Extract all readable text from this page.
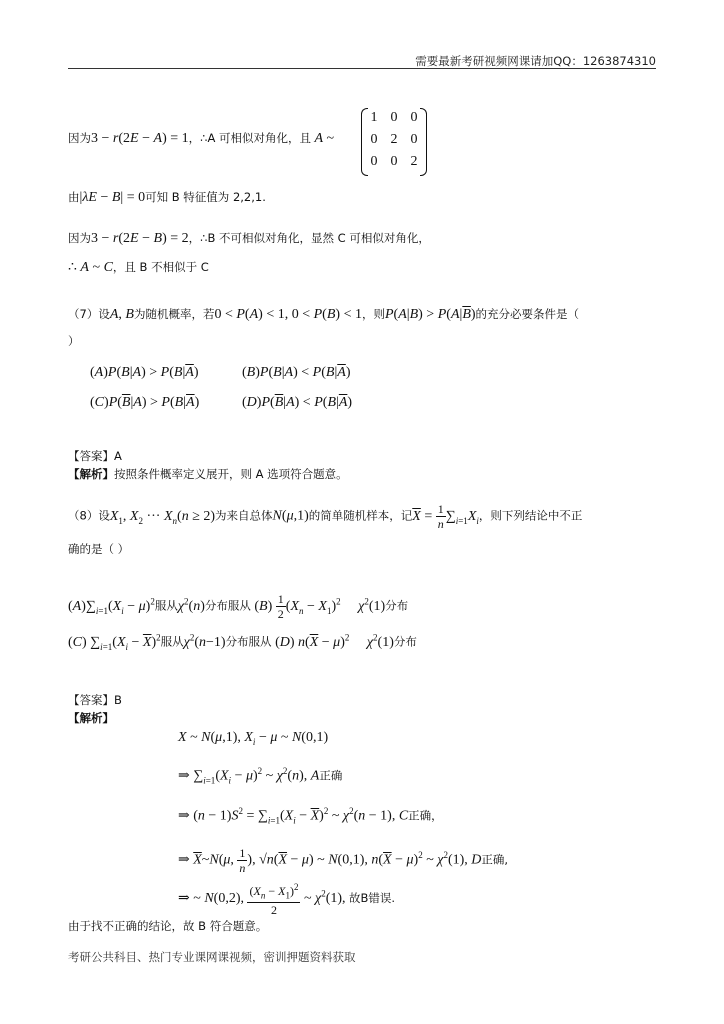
需要最新考研视频网课请加QQ：1263874310
因为3 − r(2E − A) = 1，∴A 可相似对角化，且 A ~
1 0 0
0 2 0
0 0 2
由|λE − B| = 0可知 B 特征值为 2,2,1.
因为3 − r(2E − B) = 2，∴B 不可相似对角化，显然 C 可相似对角化，
∴ A ~ C，且 B 不相似于 C
（7）设A, B为随机概率，若0 < P(A) < 1, 0 < P(B) < 1，则$P(A|B) > P(A|\overline{B})$的充分必要条件是（
）
$(A)P(B|A) > P(B|\overline{A})$	$(B)P(B|A) < P(B|\overline{A})$
$(C)P(\overline{B}|A) > P(B|\overline{A})$	$(D)P(\overline{B}|A) < P(B|\overline{A})$
【答案】A
【解析】按照条件概率定义展开，则 A 选项符合题意。
（8）设$X_1$, $X_2$ ··· $X_n(n \ge 2)$为来自总体N(μ,1)的简单随机样本，记$\overline{X} = \frac{1}{n} \sum_{i=1}X_i$，则下列结论中不正
确的是（ ）
$(A)\sum_{i=1}(X_i - \mu)^2$服从$\chi^2(n)$分布服从 $(B) \frac{1}{2} (X_n - X_1)^2$ $\chi^2(1)$分布
(C) $\sum_{i=1}(X_i - \overline{X})^2$服从$\chi^2(n-1)$分布服从 (D) $n(\overline{X} - \mu)^2$ $\chi^2(1)$分布
【答案】B
【解析】
X ~ N(μ,1), $X_i - \mu$ ~ N(0,1)
⇒ $\sum_{i=1}(X_i - \mu)^2$ ~ $\chi^2(n)$, A正确
⇒ $(n - 1)S^2 = \sum_{i=1}(X_i - \overline{X})^2$ ~ $\chi^2(n - 1)$, C正确，
⇒ $\overline{X}\sim N(\mu$, $\frac{1}{n}$ ), $√n(\overline{X} - \mu)$ ~ N(0,1), $n(\overline{X} - \mu)^2$ ~ $\chi^2(1)$, D正确,
⇒ ~ N(0,2), $\frac{(X_n - X_1)^2}{2}$ ~ $\chi^2(1)$, 故B错误.
由于找不正确的结论，故 B 符合题意。
考研公共科目、热门专业课网课视频，密训押题资料获取
